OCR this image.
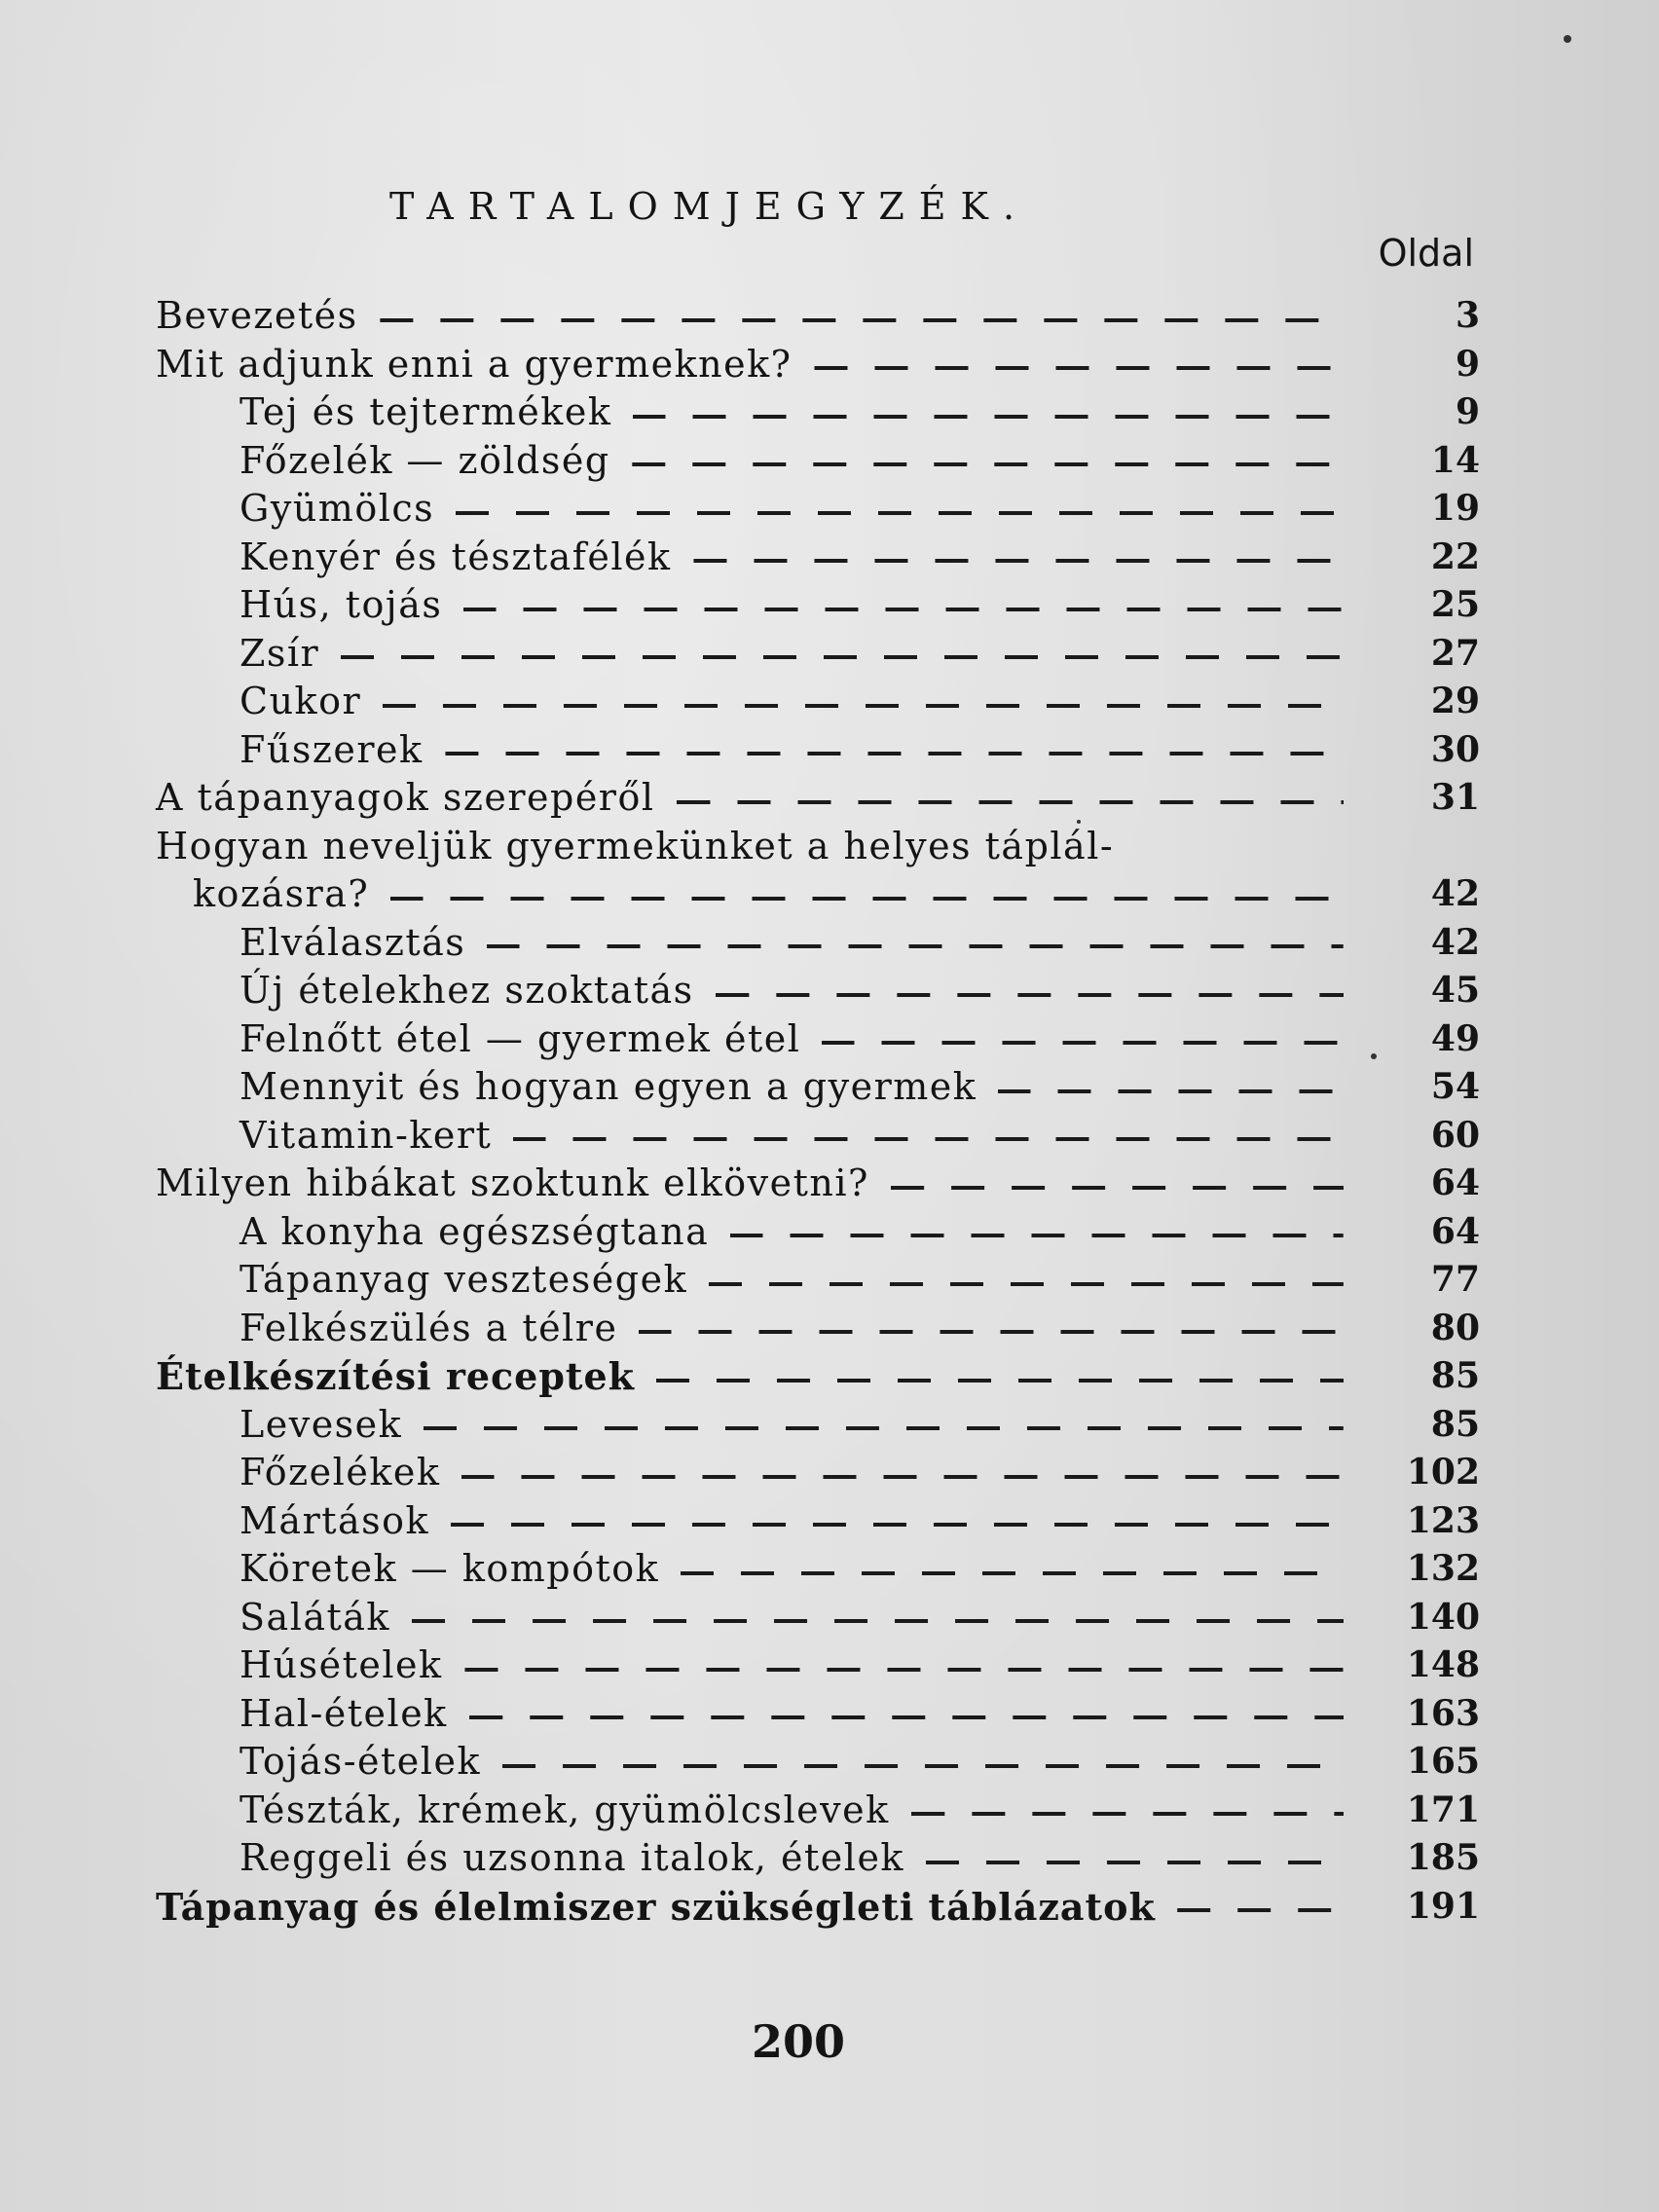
TARTALOMJEGYZÉK.
Oldal
Bevezetés	3
Mit adjunk enni a gyermeknek?	9
Tej és tejtermékek	9
Főzelék — zöldség	14
Gyümölcs	19
Kenyér és tésztafélék	22
Hús, tojás	25
Zsír	27
Cukor	29
Fűszerek	30
A tápanyagok szerepéről	31
Hogyan neveljük gyermekünket a helyes táplál-
kozásra?	42
Elválasztás	42
Új ételekhez szoktatás	45
Felnőtt étel — gyermek étel	49
Mennyit és hogyan egyen a gyermek	54
Vitamin-kert	60
Milyen hibákat szoktunk elkövetni?	64
A konyha egészségtana	64
Tápanyag veszteségek	77
Felkészülés a télre	80
Ételkészítési receptek	85
Levesek	85
Főzelékek	102
Mártások	123
Köretek — kompótok	132
Saláták	140
Húsételek	148
Hal-ételek	163
Tojás-ételek	165
Tészták, krémek, gyümölcslevek	171
Reggeli és uzsonna italok, ételek	185
Tápanyag és élelmiszer szükségleti táblázatok	191
200
